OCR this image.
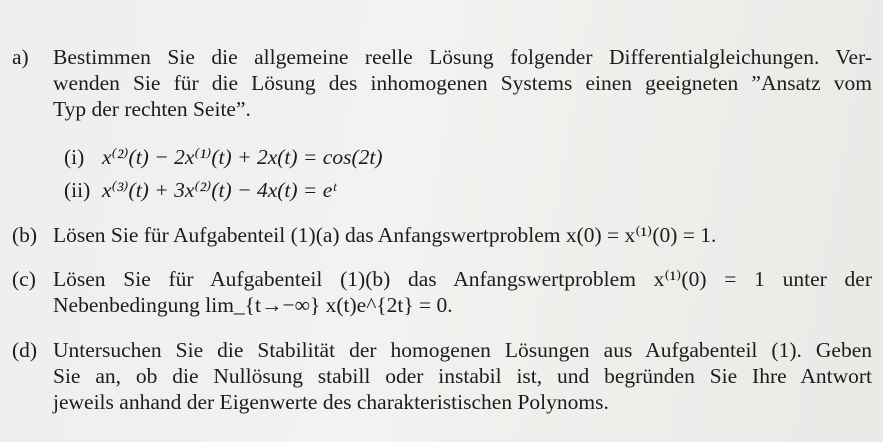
a) Bestimmen Sie die allgemeine reelle Lösung folgender Differentialgleichungen. Ver-
wenden Sie für die Lösung des inhomogenen Systems einen geeigneten ”Ansatz vom
Typ der rechten Seite”.
(i) x⁽²⁾(t) − 2x⁽¹⁾(t) + 2x(t) = cos(2t)
(ii) x⁽³⁾(t) + 3x⁽²⁾(t) − 4x(t) = eᵗ
(b) Lösen Sie für Aufgabenteil (1)(a) das Anfangswertproblem x(0) = x⁽¹⁾(0) = 1.
(c) Lösen Sie für Aufgabenteil (1)(b) das Anfangswertproblem x⁽¹⁾(0) = 1 unter der
Nebenbedingung lim_{t→−∞} x(t)e^{2t} = 0.
(d) Untersuchen Sie die Stabilität der homogenen Lösungen aus Aufgabenteil (1). Geben
Sie an, ob die Nullösung stabill oder instabil ist, und begründen Sie Ihre Antwort
jeweils anhand der Eigenwerte des charakteristischen Polynoms.
